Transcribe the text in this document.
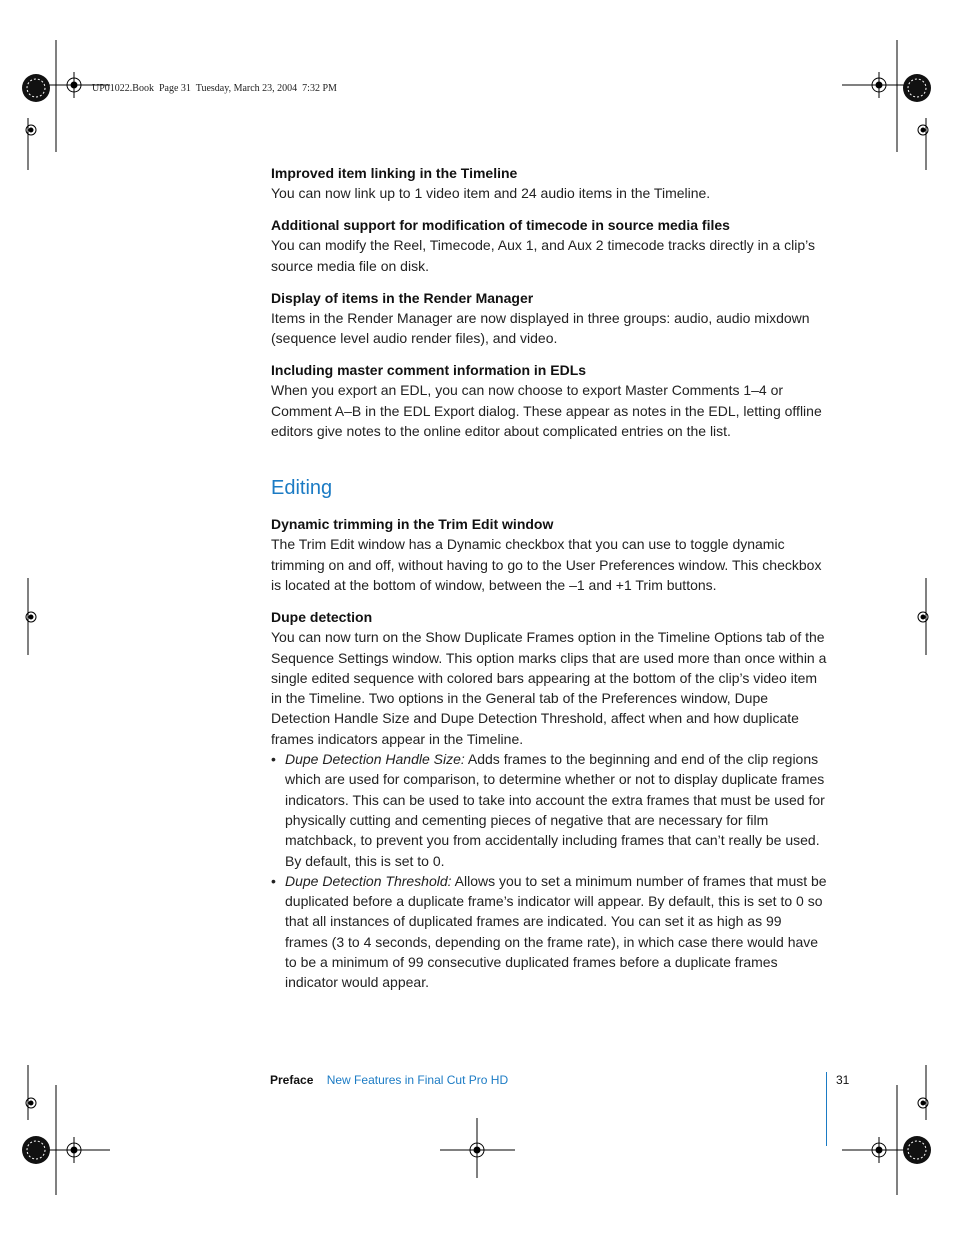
UP01022.Book  Page 31  Tuesday, March 23, 2004  7:32 PM
Improved item linking in the Timeline

You can now link up to 1 video item and 24 audio items in the Timeline.

Additional support for modification of timecode in source media files

You can modify the Reel, Timecode, Aux 1, and Aux 2 timecode tracks directly in a clip’s source media file on disk.

Display of items in the Render Manager

Items in the Render Manager are now displayed in three groups: audio, audio mixdown (sequence level audio render files), and video.

Including master comment information in EDLs

When you export an EDL, you can now choose to export Master Comments 1–4 or Comment A–B in the EDL Export dialog. These appear as notes in the EDL, letting offline editors give notes to the online editor about complicated entries on the list.

Editing
Dynamic trimming in the Trim Edit window

The Trim Edit window has a Dynamic checkbox that you can use to toggle dynamic trimming on and off, without having to go to the User Preferences window. This checkbox is located at the bottom of window, between the –1 and +1 Trim buttons.

Dupe detection

You can now turn on the Show Duplicate Frames option in the Timeline Options tab of the Sequence Settings window. This option marks clips that are used more than once within a single edited sequence with colored bars appearing at the bottom of the clip’s video item in the Timeline. Two options in the General tab of the Preferences window, Dupe Detection Handle Size and Dupe Detection Threshold, affect when and how duplicate frames indicators appear in the Timeline.

• Dupe Detection Handle Size: Adds frames to the beginning and end of the clip regions which are used for comparison, to determine whether or not to display duplicate frames indicators. This can be used to take into account the extra frames that must be used for physically cutting and cementing pieces of negative that are necessary for film matchback, to prevent you from accidentally including frames that can’t really be used. By default, this is set to 0.
• Dupe Detection Threshold: Allows you to set a minimum number of frames that must be duplicated before a duplicate frame’s indicator will appear. By default, this is set to 0 so that all instances of duplicated frames are indicated. You can set it as high as 99 frames (3 to 4 seconds, depending on the frame rate), in which case there would have to be a minimum of 99 consecutive duplicated frames before a duplicate frames indicator would appear.
Preface New Features in Final Cut Pro HD	31
